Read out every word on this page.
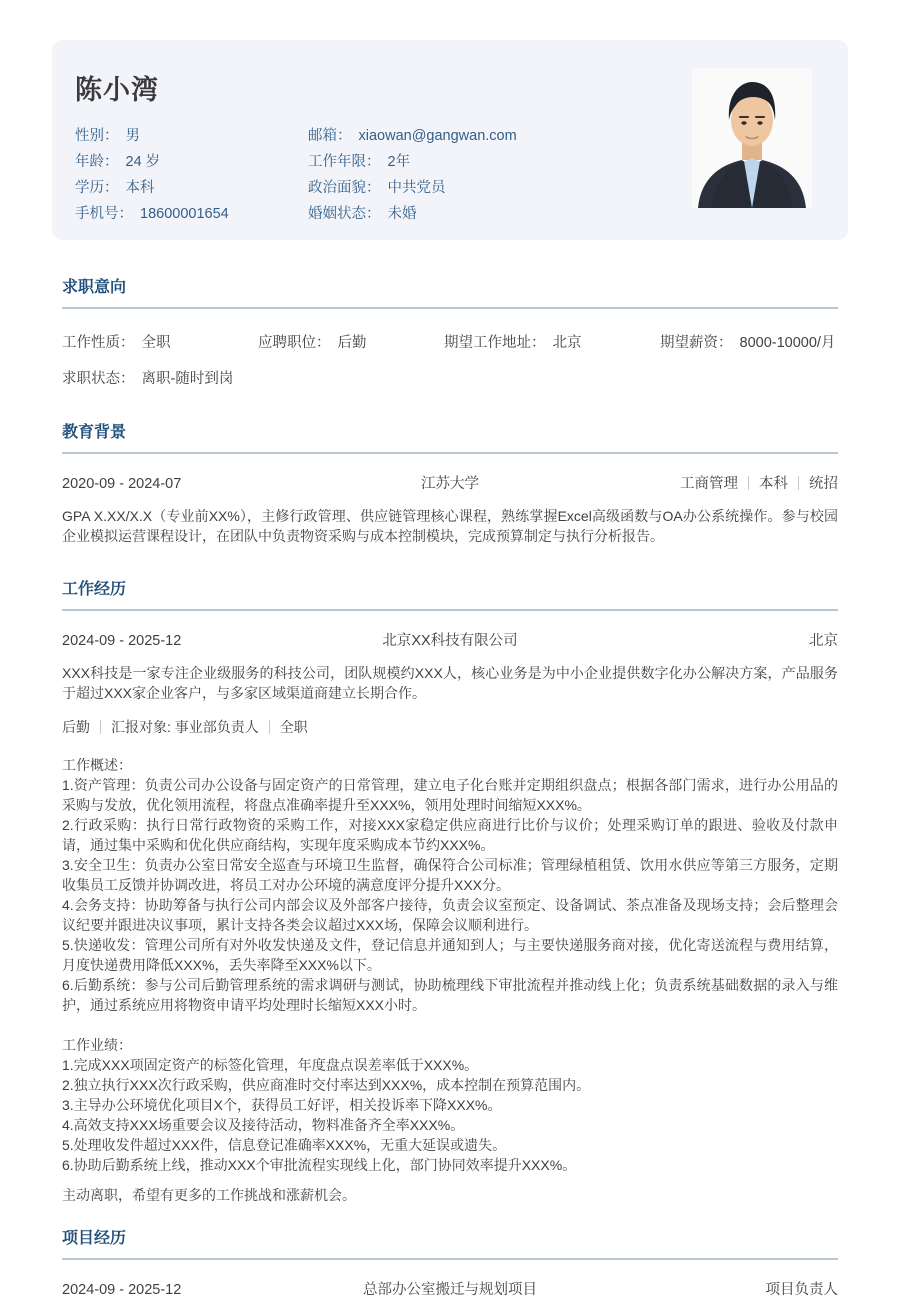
陈小湾
性别： 男
年龄： 24 岁
学历： 本科
手机号： 18600001654
邮箱： xiaowan@gangwan.com
工作年限： 2年
政治面貌： 中共党员
婚姻状态： 未婚
求职意向
工作性质： 全职	应聘职位： 后勤	期望工作地址： 北京	期望薪资： 8000-10000/月
求职状态： 离职-随时到岗
教育背景
2020-09 - 2024-07	江苏大学	工商管理 本科 统招

GPA X.XX/X.X（专业前XX%），主修行政管理、供应链管理核心课程，熟练掌握Excel高级函数与OA办公系统操作。参与校园企业模拟运营课程设计，在团队中负责物资采购与成本控制模块，完成预算制定与执行分析报告。

工作经历
2024-09 - 2025-12	北京XX科技有限公司	北京

XXX科技是一家专注企业级服务的科技公司，团队规模约XXX人，核心业务是为中小企业提供数字化办公解决方案，产品服务于超过XXX家企业客户，与多家区域渠道商建立长期合作。

后勤 汇报对象: 事业部负责人 全职
工作概述：
1.资产管理：负责公司办公设备与固定资产的日常管理，建立电子化台账并定期组织盘点；根据各部门需求，进行办公用品的采购与发放，优化领用流程，将盘点准确率提升至XXX%，领用处理时间缩短XXX%。
2.行政采购：执行日常行政物资的采购工作，对接XXX家稳定供应商进行比价与议价；处理采购订单的跟进、验收及付款申请，通过集中采购和优化供应商结构，实现年度采购成本节约XXX%。
3.安全卫生：负责办公室日常安全巡查与环境卫生监督，确保符合公司标准；管理绿植租赁、饮用水供应等第三方服务，定期收集员工反馈并协调改进，将员工对办公环境的满意度评分提升XXX分。
4.会务支持：协助筹备与执行公司内部会议及外部客户接待，负责会议室预定、设备调试、茶点准备及现场支持；会后整理会议纪要并跟进决议事项，累计支持各类会议超过XXX场，保障会议顺利进行。
5.快递收发：管理公司所有对外收发快递及文件，登记信息并通知到人；与主要快递服务商对接，优化寄送流程与费用结算，月度快递费用降低XXX%，丢失率降至XXX%以下。
6.后勤系统：参与公司后勤管理系统的需求调研与测试，协助梳理线下审批流程并推动线上化；负责系统基础数据的录入与维护，通过系统应用将物资申请平均处理时长缩短XXX小时。
工作业绩：
1.完成XXX项固定资产的标签化管理，年度盘点误差率低于XXX%。
2.独立执行XXX次行政采购，供应商准时交付率达到XXX%，成本控制在预算范围内。
3.主导办公环境优化项目X个，获得员工好评，相关投诉率下降XXX%。
4.高效支持XXX场重要会议及接待活动，物料准备齐全率XXX%。
5.处理收发件超过XXX件，信息登记准确率XXX%，无重大延误或遗失。
6.协助后勤系统上线，推动XXX个审批流程实现线上化，部门协同效率提升XXX%。

主动离职，希望有更多的工作挑战和涨薪机会。

项目经历
2024-09 - 2025-12	总部办公室搬迁与规划项目	项目负责人
